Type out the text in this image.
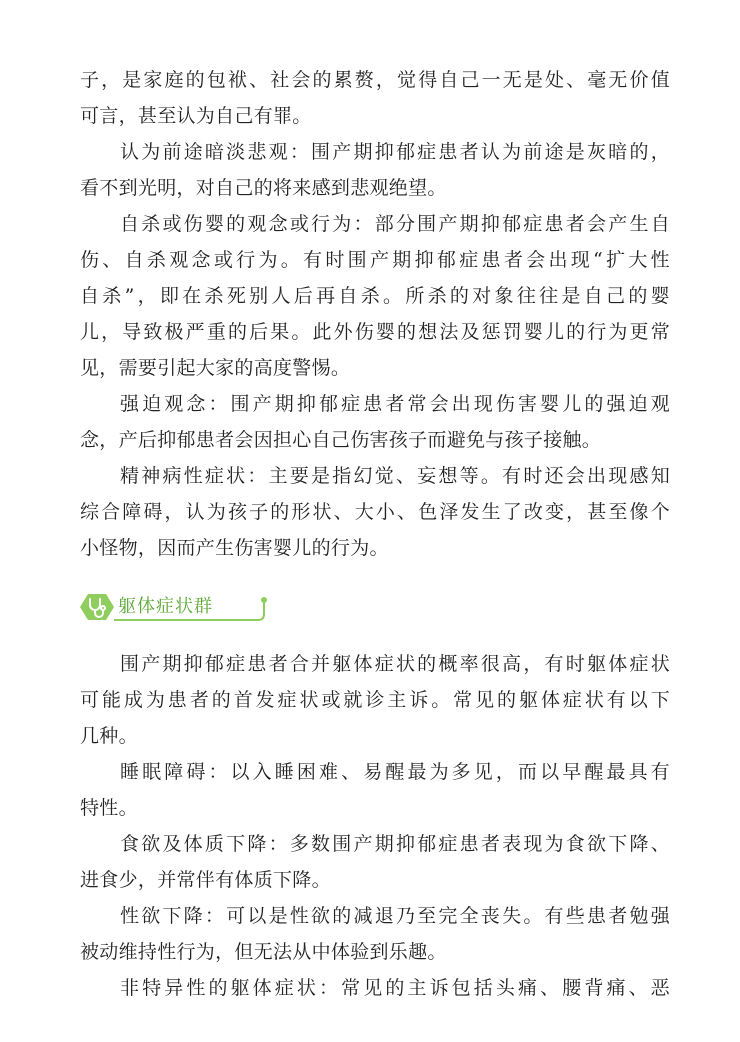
子，是家庭的包袱、社会的累赘，觉得自己一无是处、毫无价值
可言，甚至认为自己有罪。
认为前途暗淡悲观：围产期抑郁症患者认为前途是灰暗的，
看不到光明，对自己的将来感到悲观绝望。
自杀或伤婴的观念或行为：部分围产期抑郁症患者会产生自
伤、自杀观念或行为。有时围产期抑郁症患者会出现“扩大性
自杀”，即在杀死别人后再自杀。所杀的对象往往是自己的婴
儿，导致极严重的后果。此外伤婴的想法及惩罚婴儿的行为更常
见，需要引起大家的高度警惕。
强迫观念：围产期抑郁症患者常会出现伤害婴儿的强迫观
念，产后抑郁患者会因担心自己伤害孩子而避免与孩子接触。
精神病性症状：主要是指幻觉、妄想等。有时还会出现感知
综合障碍，认为孩子的形状、大小、色泽发生了改变，甚至像个
小怪物，因而产生伤害婴儿的行为。
躯体症状群
围产期抑郁症患者合并躯体症状的概率很高，有时躯体症状
可能成为患者的首发症状或就诊主诉。常见的躯体症状有以下
几种。
睡眠障碍：以入睡困难、易醒最为多见，而以早醒最具有
特性。
食欲及体质下降：多数围产期抑郁症患者表现为食欲下降、
进食少，并常伴有体质下降。
性欲下降：可以是性欲的减退乃至完全丧失。有些患者勉强
被动维持性行为，但无法从中体验到乐趣。
非特异性的躯体症状：常见的主诉包括头痛、腰背痛、恶
